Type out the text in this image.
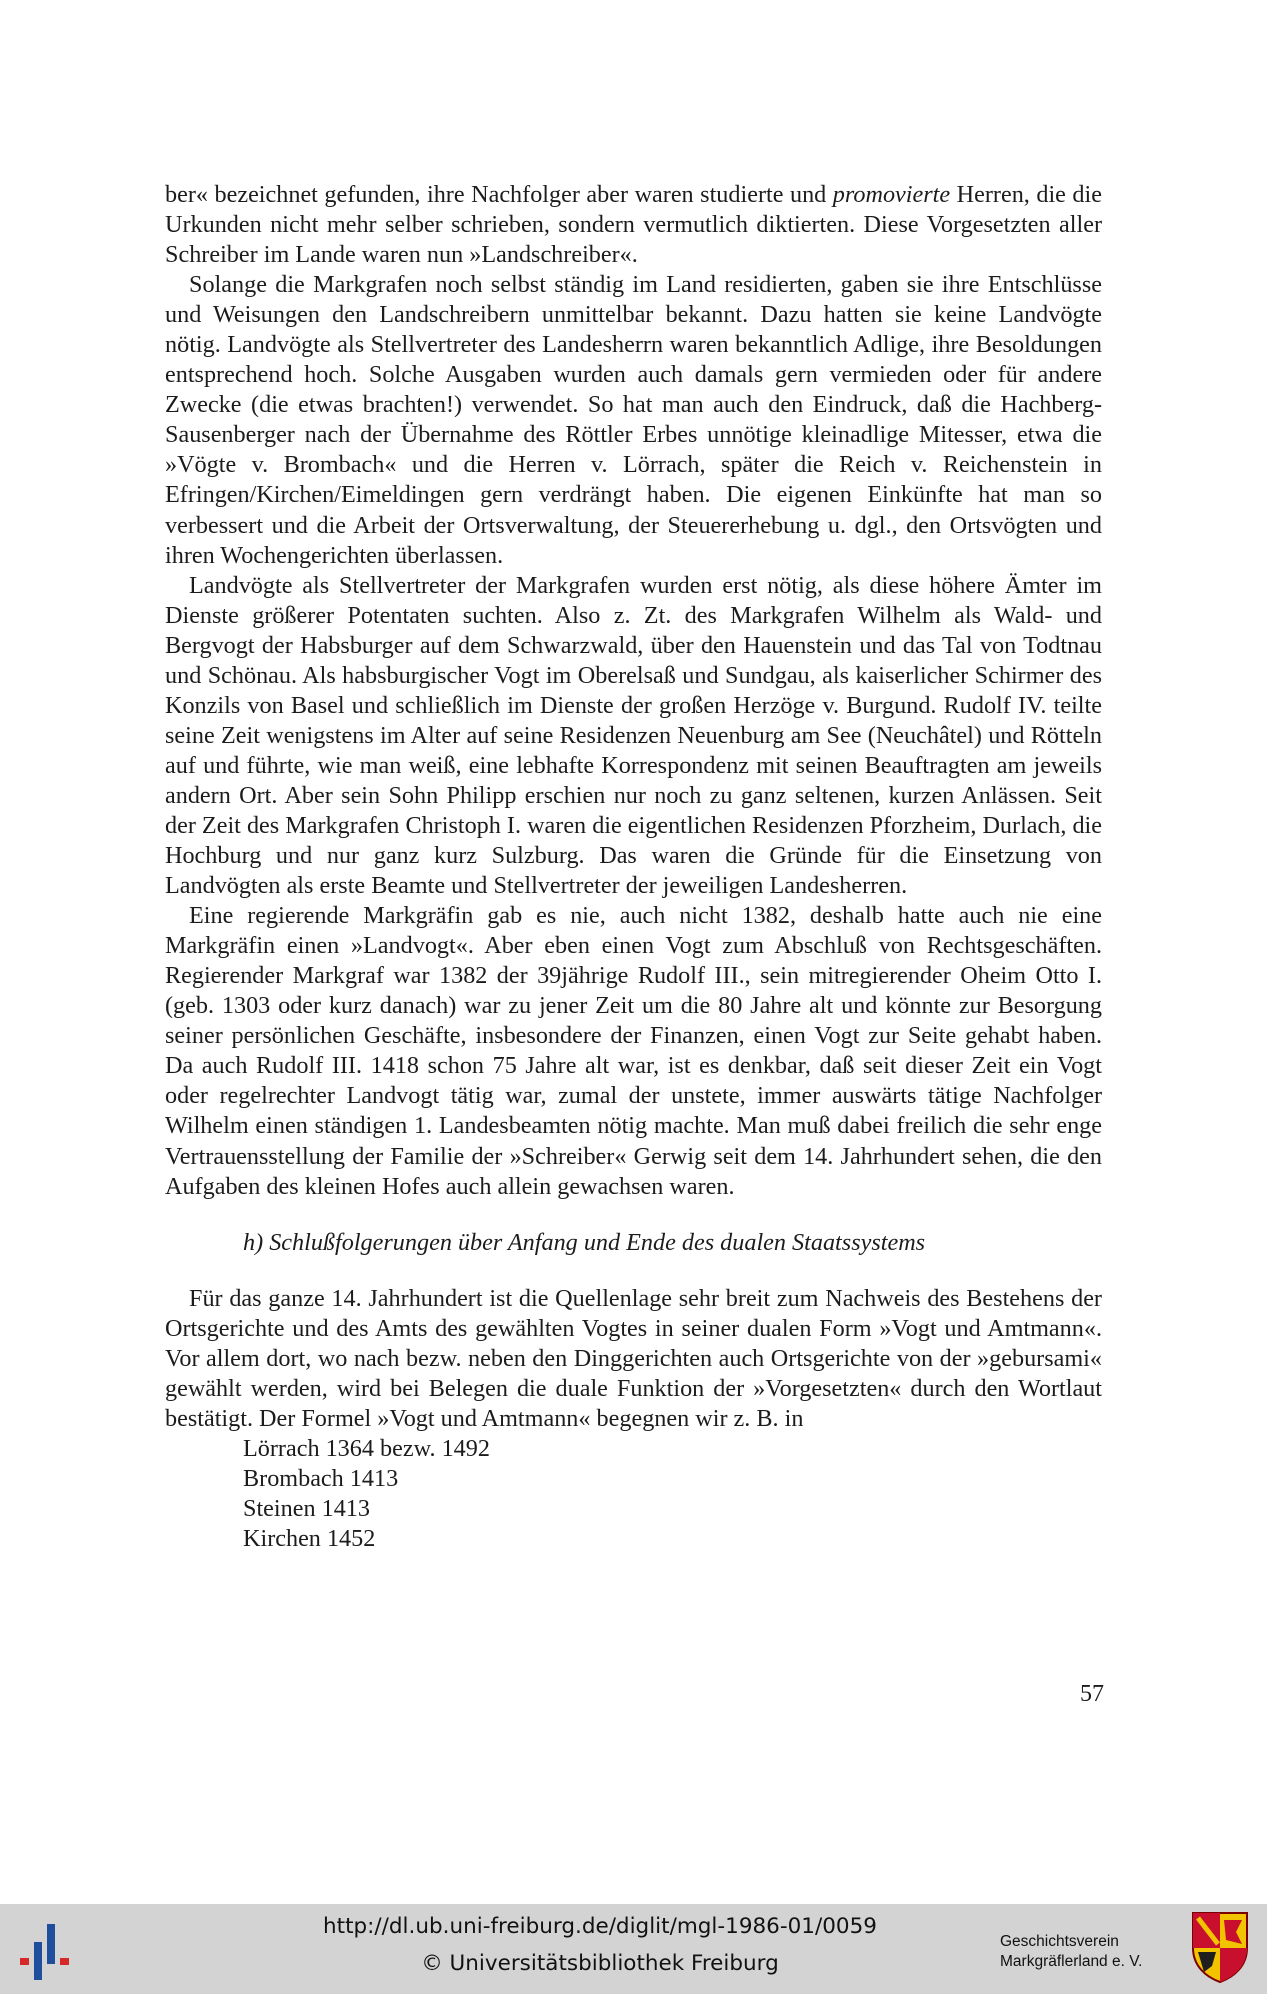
ber« bezeichnet gefunden, ihre Nachfolger aber waren studierte und promovierte Herren, die die Urkunden nicht mehr selber schrieben, sondern vermutlich diktierten. Diese Vorgesetzten aller Schreiber im Lande waren nun »Landschreiber«.

Solange die Markgrafen noch selbst ständig im Land residierten, gaben sie ihre Entschlüsse und Weisungen den Landschreibern unmittelbar bekannt. Dazu hatten sie keine Landvögte nötig. Landvögte als Stellvertreter des Landesherrn waren bekanntlich Adlige, ihre Besoldungen entsprechend hoch. Solche Ausgaben wurden auch damals gern vermieden oder für andere Zwecke (die etwas brachten!) verwendet. So hat man auch den Eindruck, daß die Hachberg-Sausenberger nach der Übernahme des Röttler Erbes unnötige kleinadlige Mitesser, etwa die »Vögte v. Brombach« und die Herren v. Lörrach, später die Reich v. Reichenstein in Efringen/Kirchen/Eimeldingen gern verdrängt haben. Die eigenen Einkünfte hat man so verbessert und die Arbeit der Ortsverwaltung, der Steuererhebung u. dgl., den Ortsvögten und ihren Wochengerichten überlassen.

Landvögte als Stellvertreter der Markgrafen wurden erst nötig, als diese höhere Ämter im Dienste größerer Potentaten suchten. Also z. Zt. des Markgrafen Wilhelm als Wald- und Bergvogt der Habsburger auf dem Schwarzwald, über den Hauenstein und das Tal von Todtnau und Schönau. Als habsburgischer Vogt im Oberelsaß und Sundgau, als kaiserlicher Schirmer des Konzils von Basel und schließlich im Dienste der großen Herzöge v. Burgund. Rudolf IV. teilte seine Zeit wenigstens im Alter auf seine Residenzen Neuenburg am See (Neuchâtel) und Rötteln auf und führte, wie man weiß, eine lebhafte Korrespondenz mit seinen Beauftragten am jeweils andern Ort. Aber sein Sohn Philipp erschien nur noch zu ganz seltenen, kurzen Anlässen. Seit der Zeit des Markgrafen Christoph I. waren die eigentlichen Residenzen Pforzheim, Durlach, die Hochburg und nur ganz kurz Sulzburg. Das waren die Gründe für die Einsetzung von Landvögten als erste Beamte und Stellvertreter der jeweiligen Landesherren.

Eine regierende Markgräfin gab es nie, auch nicht 1382, deshalb hatte auch nie eine Markgräfin einen »Landvogt«. Aber eben einen Vogt zum Abschluß von Rechtsgeschäften. Regierender Markgraf war 1382 der 39jährige Rudolf III., sein mitregierender Oheim Otto I. (geb. 1303 oder kurz danach) war zu jener Zeit um die 80 Jahre alt und könnte zur Besorgung seiner persönlichen Geschäfte, insbesondere der Finanzen, einen Vogt zur Seite gehabt haben. Da auch Rudolf III. 1418 schon 75 Jahre alt war, ist es denkbar, daß seit dieser Zeit ein Vogt oder regelrechter Landvogt tätig war, zumal der unstete, immer auswärts tätige Nachfolger Wilhelm einen ständigen 1. Landesbeamten nötig machte. Man muß dabei freilich die sehr enge Vertrauensstellung der Familie der »Schreiber« Gerwig seit dem 14. Jahrhundert sehen, die den Aufgaben des kleinen Hofes auch allein gewachsen waren.

h) Schlußfolgerungen über Anfang und Ende des dualen Staatssystems

Für das ganze 14. Jahrhundert ist die Quellenlage sehr breit zum Nachweis des Bestehens der Ortsgerichte und des Amts des gewählten Vogtes in seiner dualen Form »Vogt und Amtmann«. Vor allem dort, wo nach bezw. neben den Dinggerichten auch Ortsgerichte von der »gebursami« gewählt werden, wird bei Belegen die duale Funktion der »Vorgesetzten« durch den Wortlaut bestätigt. Der Formel »Vogt und Amtmann« begegnen wir z. B. in

Lörrach 1364 bezw. 1492
Brombach 1413
Steinen 1413
Kirchen 1452
57
http://dl.ub.uni-freiburg.de/diglit/mgl-1986-01/0059
© Universitätsbibliothek Freiburg
Geschichtsverein
Markgräflerland e. V.
